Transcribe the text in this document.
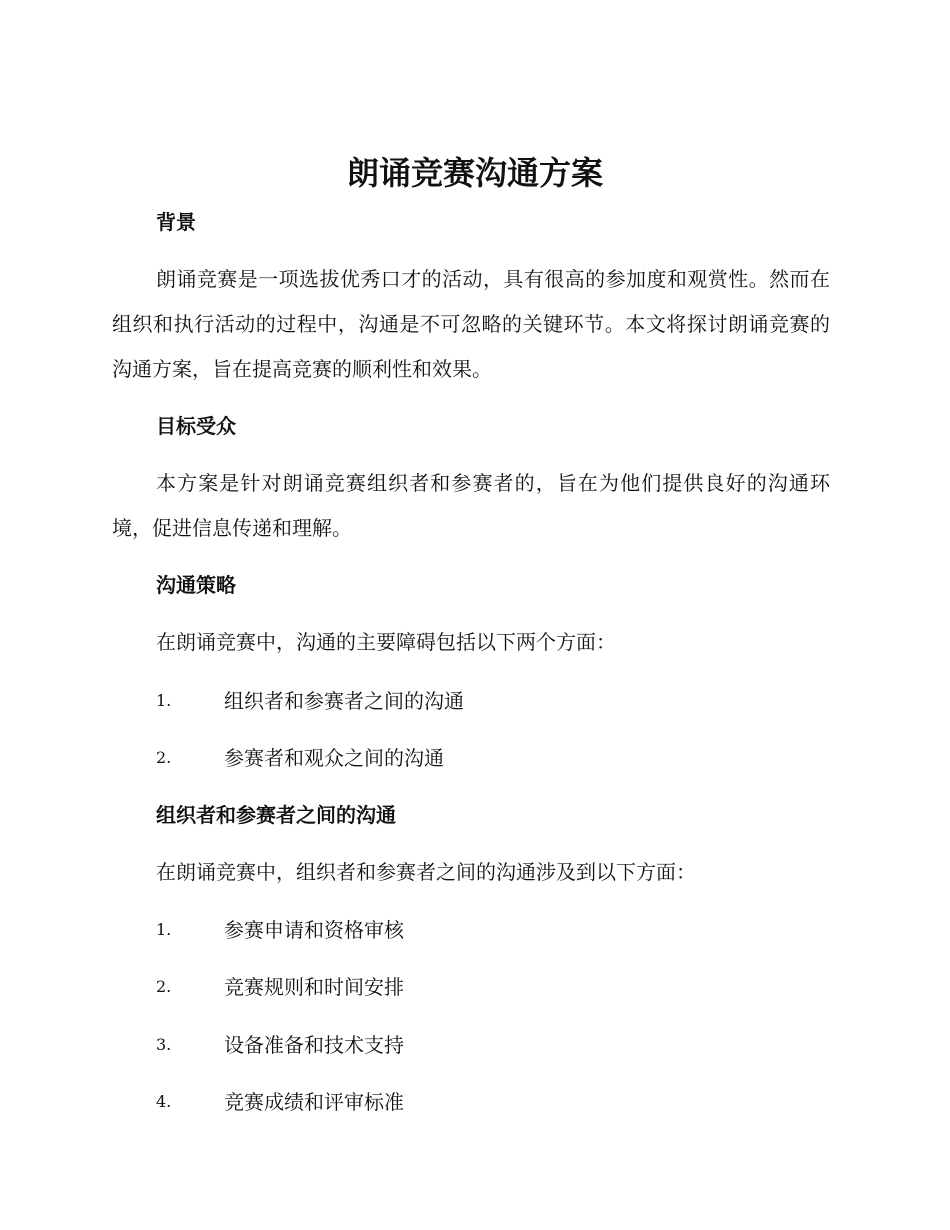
朗诵竞赛沟通方案
背景

朗诵竞赛是一项选拔优秀口才的活动，具有很高的参加度和观赏性。然而在组织和执行活动的过程中，沟通是不可忽略的关键环节。本文将探讨朗诵竞赛的沟通方案，旨在提高竞赛的顺利性和效果。

目标受众

本方案是针对朗诵竞赛组织者和参赛者的，旨在为他们提供良好的沟通环境，促进信息传递和理解。

沟通策略

在朗诵竞赛中，沟通的主要障碍包括以下两个方面：

1.	组织者和参赛者之间的沟通
2.	参赛者和观众之间的沟通
组织者和参赛者之间的沟通

在朗诵竞赛中，组织者和参赛者之间的沟通涉及到以下方面：

1.	参赛申请和资格审核
2.	竞赛规则和时间安排
3.	设备准备和技术支持
4.	竞赛成绩和评审标准
